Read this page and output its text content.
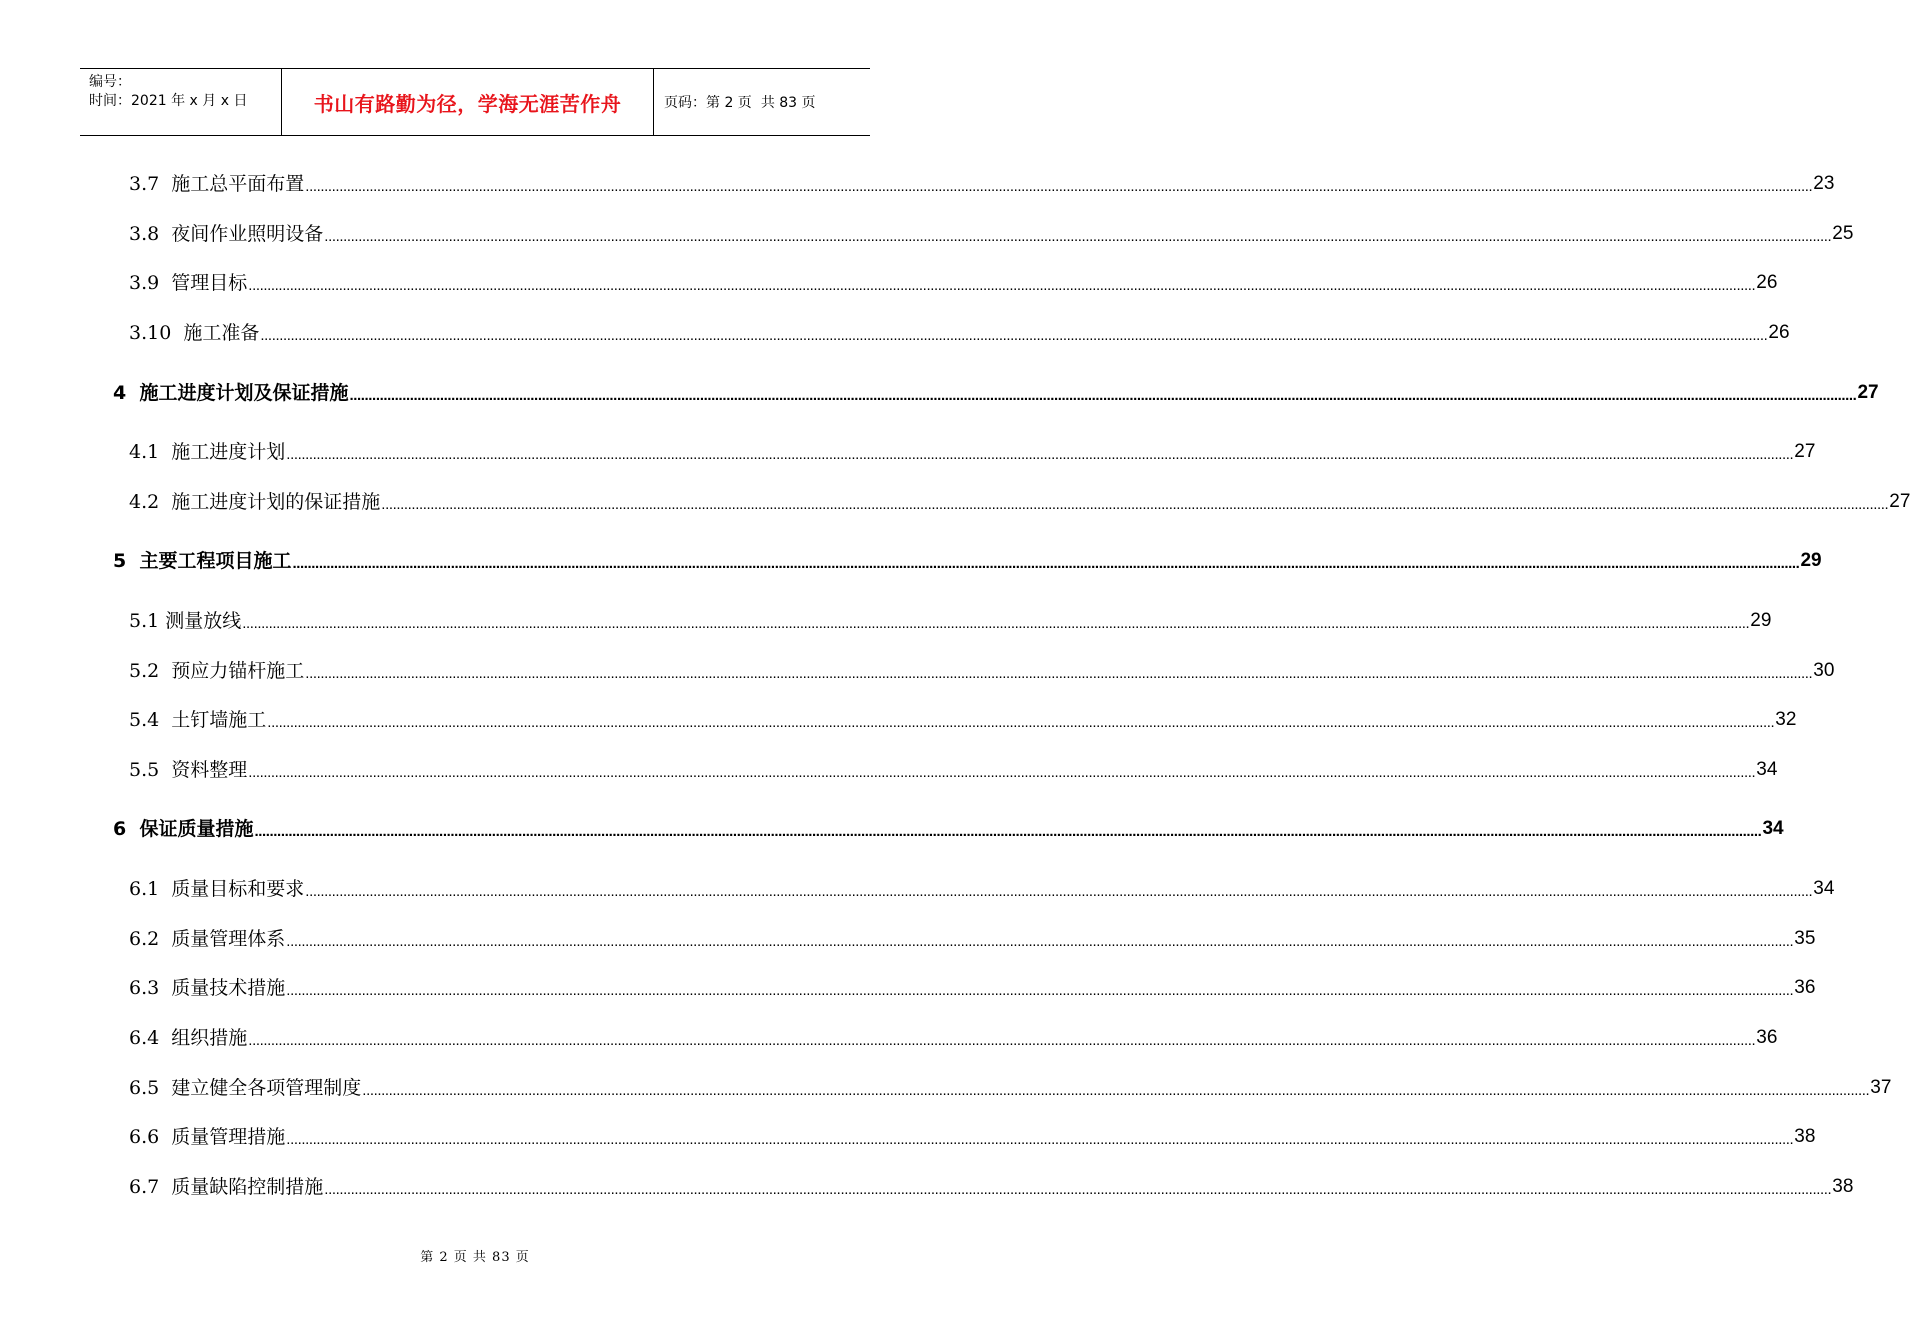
编号：
时间：2021 年 x 月 x 日	书山有路勤为径，学海无涯苦作舟	页码：第 2 页 共 83 页
3.7  施工总平面布置 ................................................................................................................................................................................................................................................................................................................................................................................................................ 23
3.8  夜间作业照明设备 ................................................................................................................................................................................................................................................................................................................................................................................................................ 25
3.9  管理目标 ................................................................................................................................................................................................................................................................................................................................................................................................................ 26
3.10  施工准备 ................................................................................................................................................................................................................................................................................................................................................................................................................ 26
4  施工进度计划及保证措施 ................................................................................................................................................................................................................................................................................................................................................................................................................ 27
4.1  施工进度计划 ................................................................................................................................................................................................................................................................................................................................................................................................................ 27
4.2  施工进度计划的保证措施 ................................................................................................................................................................................................................................................................................................................................................................................................................ 27
5  主要工程项目施工 ................................................................................................................................................................................................................................................................................................................................................................................................................ 29
5.1 测量放线 ................................................................................................................................................................................................................................................................................................................................................................................................................ 29
5.2  预应力锚杆施工 ................................................................................................................................................................................................................................................................................................................................................................................................................ 30
5.4  土钉墙施工 ................................................................................................................................................................................................................................................................................................................................................................................................................ 32
5.5  资料整理 ................................................................................................................................................................................................................................................................................................................................................................................................................ 34
6  保证质量措施 ................................................................................................................................................................................................................................................................................................................................................................................................................ 34
6.1  质量目标和要求 ................................................................................................................................................................................................................................................................................................................................................................................................................ 34
6.2  质量管理体系 ................................................................................................................................................................................................................................................................................................................................................................................................................ 35
6.3  质量技术措施 ................................................................................................................................................................................................................................................................................................................................................................................................................ 36
6.4  组织措施 ................................................................................................................................................................................................................................................................................................................................................................................................................ 36
6.5  建立健全各项管理制度 ................................................................................................................................................................................................................................................................................................................................................................................................................ 37
6.6  质量管理措施 ................................................................................................................................................................................................................................................................................................................................................................................................................ 38
6.7  质量缺陷控制措施 ................................................................................................................................................................................................................................................................................................................................................................................................................ 38
第 2 页 共 83 页
